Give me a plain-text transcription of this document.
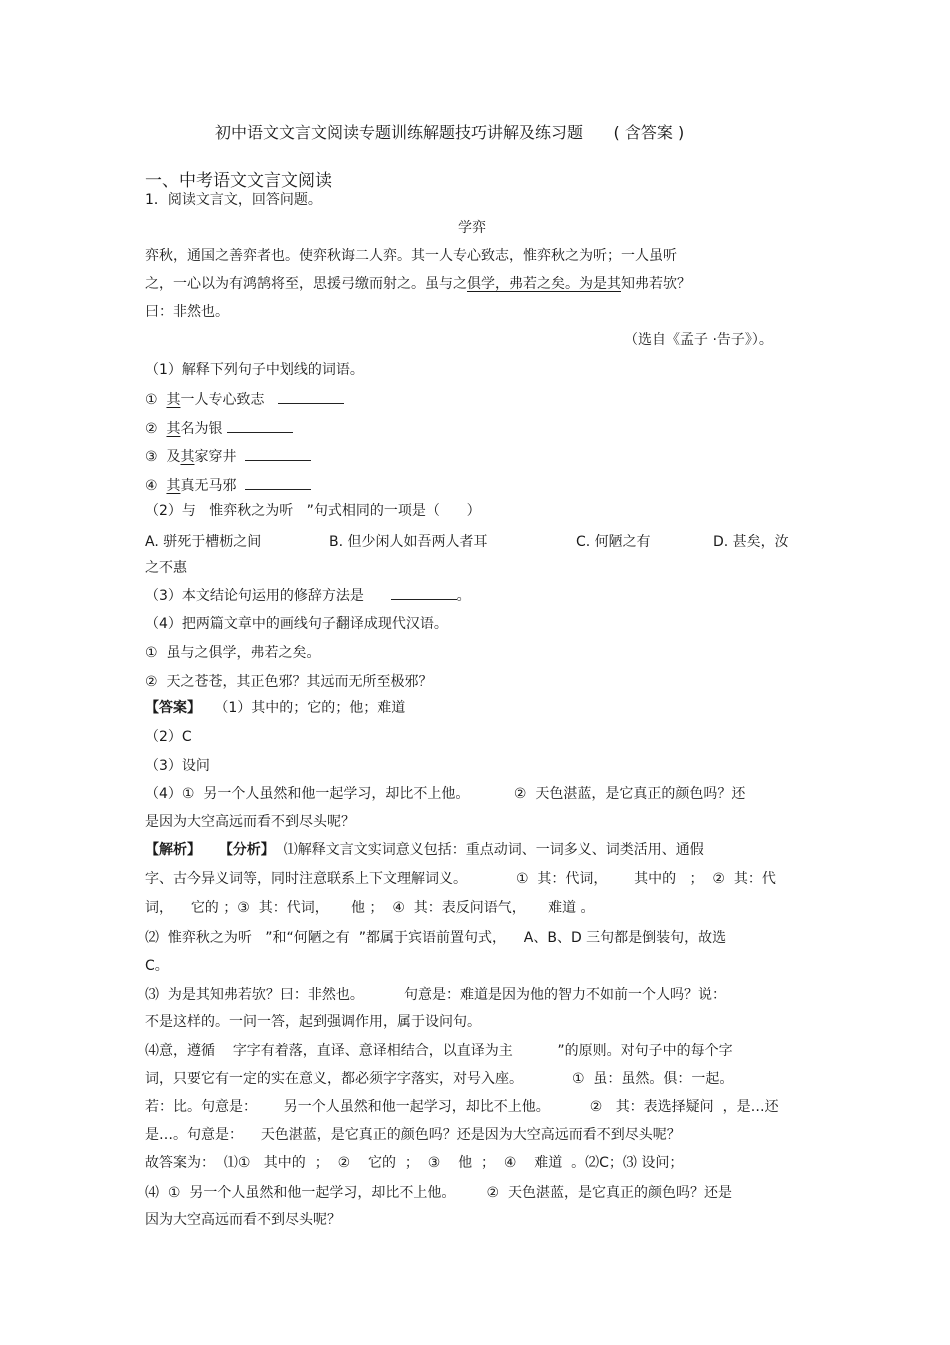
初中语文文言文阅读专题训练解题技巧讲解及练习题 ( 含答案 )
一、中考语文文言文阅读
1．阅读文言文，回答问题。
学弈
弈秋，通国之善弈者也。使弈秋诲二人弈。其一人专心致志，惟弈秋之为听；一人虽听
之，一心以为有鸿鹄将至，思援弓缴而射之。虽与之俱学，弗若之矣。为是其知弗若欤？
曰：非然也。
（选自《孟子 ·告子》）。
（1）解释下列句子中划线的词语。
① 其一人专心致志
② 其名为银
③ 及其家穿井
④ 其真无马邪
（2）与 惟弈秋之为听 ”句式相同的一项是（ ）
A. 骈死于槽枥之间	B. 但少闲人如吾两人者耳	C. 何陋之有	D. 甚矣，汝
之不惠
（3）本文结论句运用的修辞方法是	。
（4）把两篇文章中的画线句子翻译成现代汉语。
①  虽与之俱学，弗若之矣。
②  天之苍苍，其正色邪？其远而无所至极邪？
【答案】 （1）其中的；它的；他；难道
（2）C
（3）设问
（4）①  另一个人虽然和他一起学习，却比不上他。	②  天色湛蓝，是它真正的颜色吗？还
是因为大空高远而看不到尽头呢？
【解析】 【分析】 ⑴解释文言文实词意义包括：重点动词、一词多义、词类活用、通假
字、古今异义词等，同时注意联系上下文理解词义。	①  其：代词， 其中的 ；  ②  其：代
词， 它的 ；③  其：代词， 他 ；  ④  其：表反问语气， 难道 。
⑵  惟弈秋之为听 ”和“何陋之有 ”都属于宾语前置句式， A、B、D 三句都是倒装句，故选
C。
⑶  为是其知弗若欤？曰：非然也。	句意是：难道是因为他的智力不如前一个人吗？说：
不是这样的。一问一答，起到强调作用，属于设问句。
⑷意，遵循 字字有着落，直译、意译相结合，以直译为主	”的原则。对句子中的每个字
词，只要它有一定的实在意义，都必须字字落实，对号入座。	①  虽：虽然。俱：一起。
若：比。句意是： 另一个人虽然和他一起学习，却比不上他。	② 其：表选择疑问 ，是…还
是…。句意是： 天色湛蓝，是它真正的颜色吗？还是因为大空高远而看不到尽头呢？
故答案为：  ⑴①   其中的  ；  ②    它的  ；  ③    他  ；  ④    难道  。⑵C；⑶ 设问；
⑷  ①  另一个人虽然和他一起学习，却比不上他。 ②  天色湛蓝，是它真正的颜色吗？还是
因为大空高远而看不到尽头呢？
